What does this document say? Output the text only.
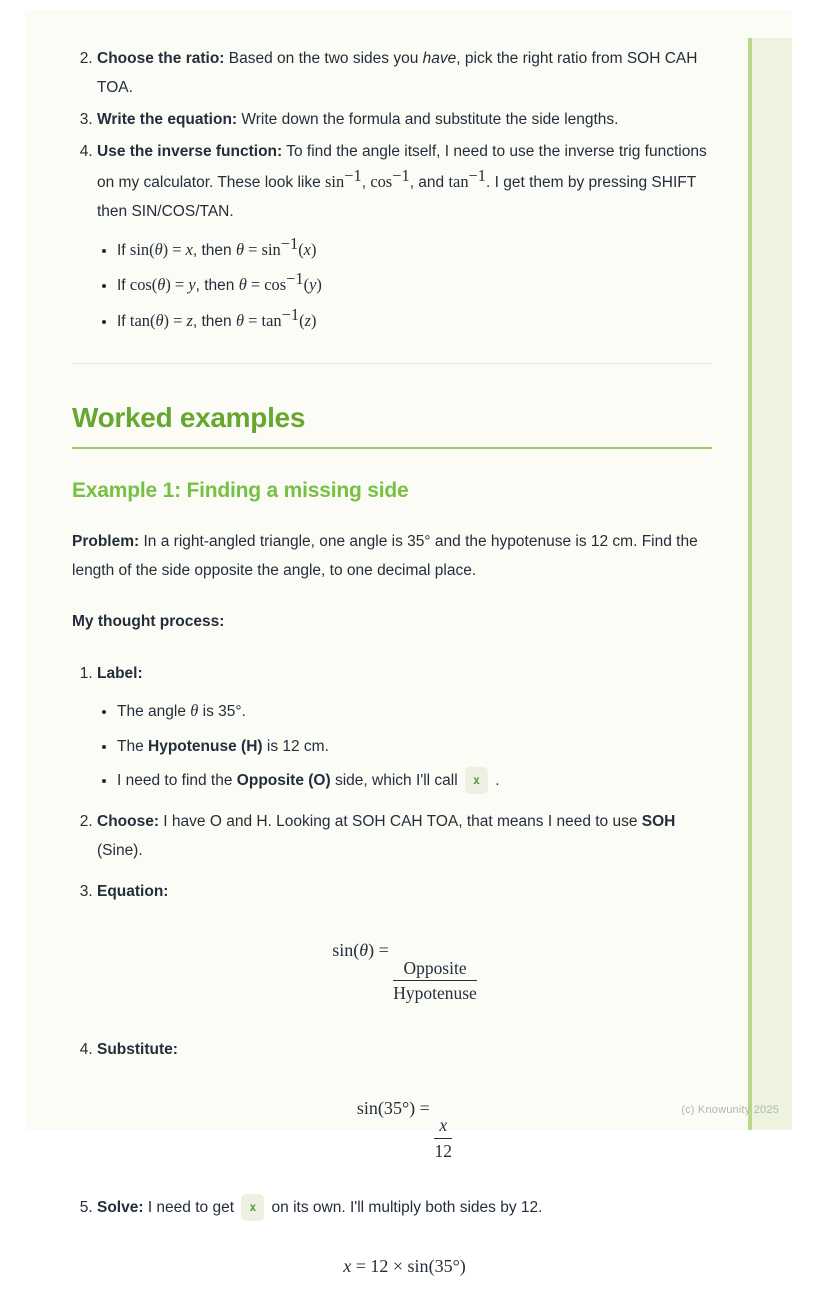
2. Choose the ratio: Based on the two sides you have, pick the right ratio from SOH CAH TOA.
3. Write the equation: Write down the formula and substitute the side lengths.
4. Use the inverse function: To find the angle itself, I need to use the inverse trig functions on my calculator. These look like $\sin^{-1}$, $\cos^{-1}$, and $\tan^{-1}$. I get them by pressing SHIFT then SIN/COS/TAN.
• If sin(θ) = x, then $\theta = \sin^{-1}(x)$
• If cos(θ) = y, then $\theta = \cos^{-1}(y)$
• If tan(θ) = z, then $\theta = \tan^{-1}(z)$
Worked examples
Example 1: Finding a missing side

Problem: In a right-angled triangle, one angle is 35° and the hypotenuse is 12 cm. Find the length of the side opposite the angle, to one decimal place.

My thought process:

1. Label:
• The angle θ is 35°.
• The Hypotenuse (H) is 12 cm.
• I need to find the Opposite (O) side, which I'll call x .
2. Choose: I have O and H. Looking at SOH CAH TOA, that means I need to use SOH (Sine).
3. Equation:
sin(θ) =
$\frac{\text{Opposite}}{\text{Hypotenuse}}$
4. Substitute:
sin(35°) =
$\frac{x}{12}$
5. Solve: I need to get x on its own. I'll multiply both sides by 12.
x = 12 × sin(35°)
(c) Knowunity 2025
